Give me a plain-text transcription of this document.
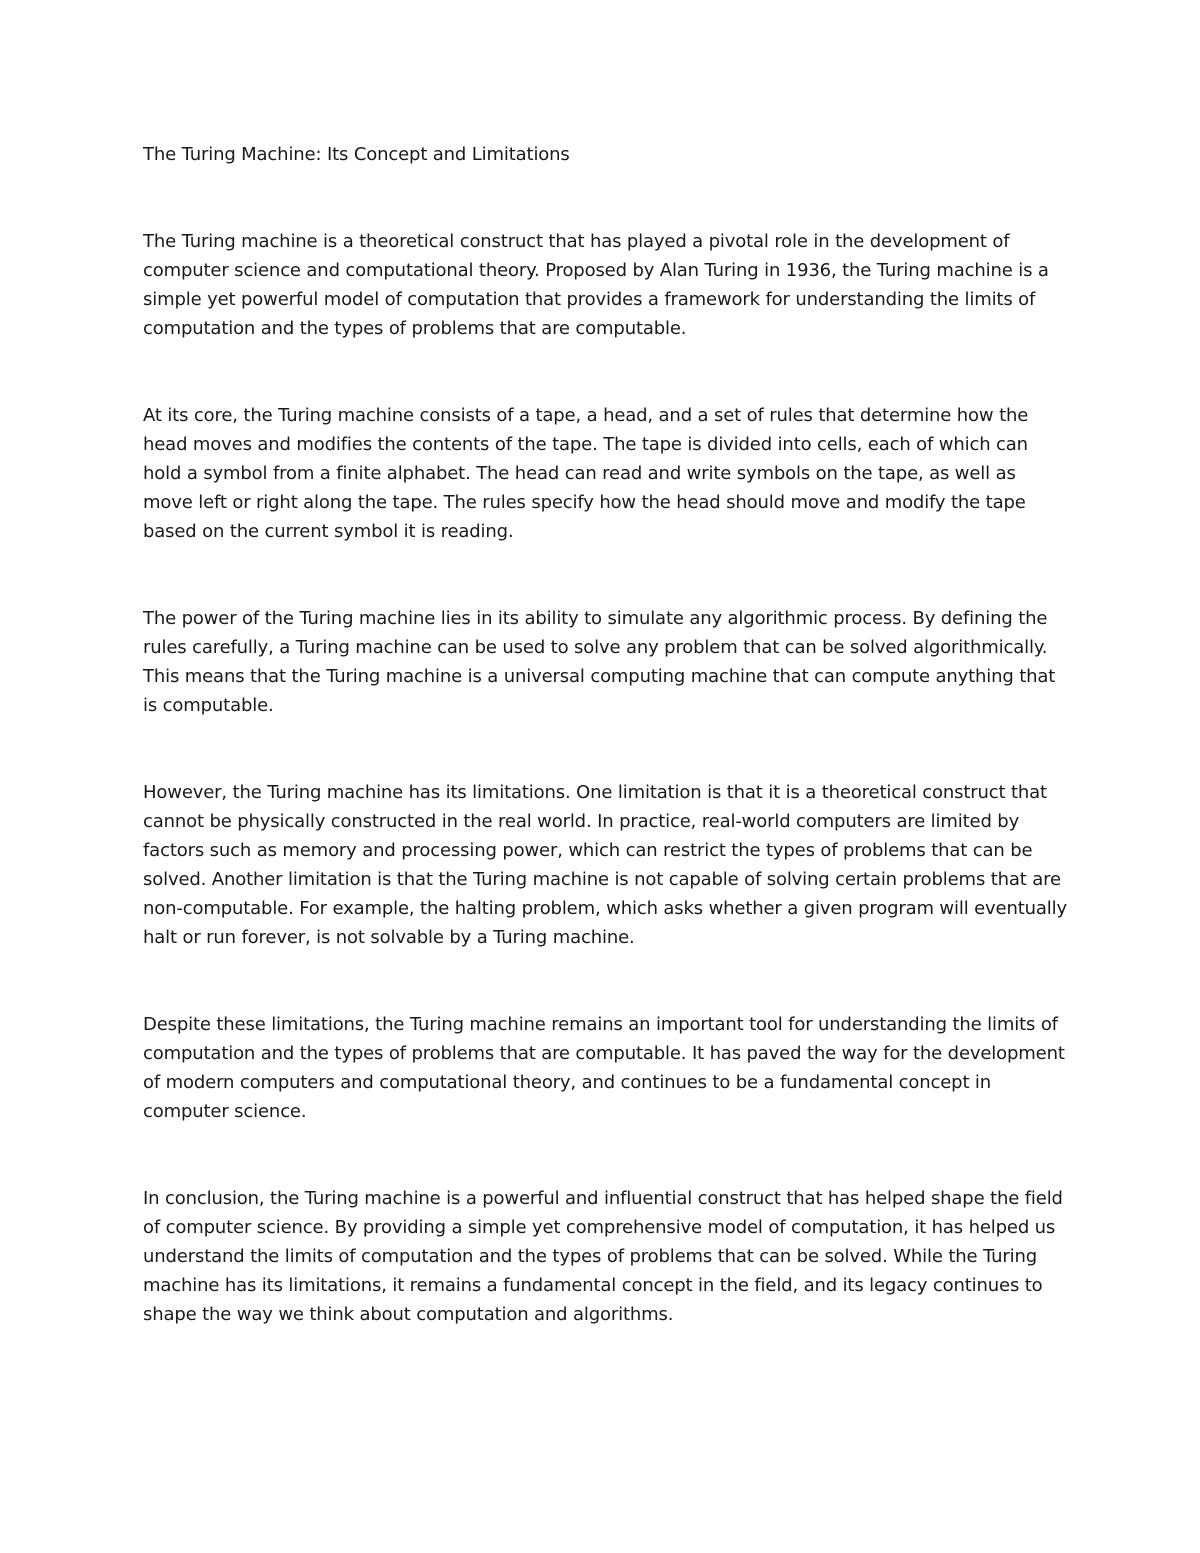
The Turing Machine: Its Concept and Limitations

The Turing machine is a theoretical construct that has played a pivotal role in the development of computer science and computational theory. Proposed by Alan Turing in 1936, the Turing machine is a simple yet powerful model of computation that provides a framework for understanding the limits of computation and the types of problems that are computable.

At its core, the Turing machine consists of a tape, a head, and a set of rules that determine how the head moves and modifies the contents of the tape. The tape is divided into cells, each of which can hold a symbol from a finite alphabet. The head can read and write symbols on the tape, as well as move left or right along the tape. The rules specify how the head should move and modify the tape based on the current symbol it is reading.

The power of the Turing machine lies in its ability to simulate any algorithmic process. By defining the rules carefully, a Turing machine can be used to solve any problem that can be solved algorithmically. This means that the Turing machine is a universal computing machine that can compute anything that is computable.

However, the Turing machine has its limitations. One limitation is that it is a theoretical construct that cannot be physically constructed in the real world. In practice, real-world computers are limited by factors such as memory and processing power, which can restrict the types of problems that can be solved. Another limitation is that the Turing machine is not capable of solving certain problems that are non-computable. For example, the halting problem, which asks whether a given program will eventually halt or run forever, is not solvable by a Turing machine.

Despite these limitations, the Turing machine remains an important tool for understanding the limits of computation and the types of problems that are computable. It has paved the way for the development of modern computers and computational theory, and continues to be a fundamental concept in computer science.

In conclusion, the Turing machine is a powerful and influential construct that has helped shape the field of computer science. By providing a simple yet comprehensive model of computation, it has helped us understand the limits of computation and the types of problems that can be solved. While the Turing machine has its limitations, it remains a fundamental concept in the field, and its legacy continues to shape the way we think about computation and algorithms.
